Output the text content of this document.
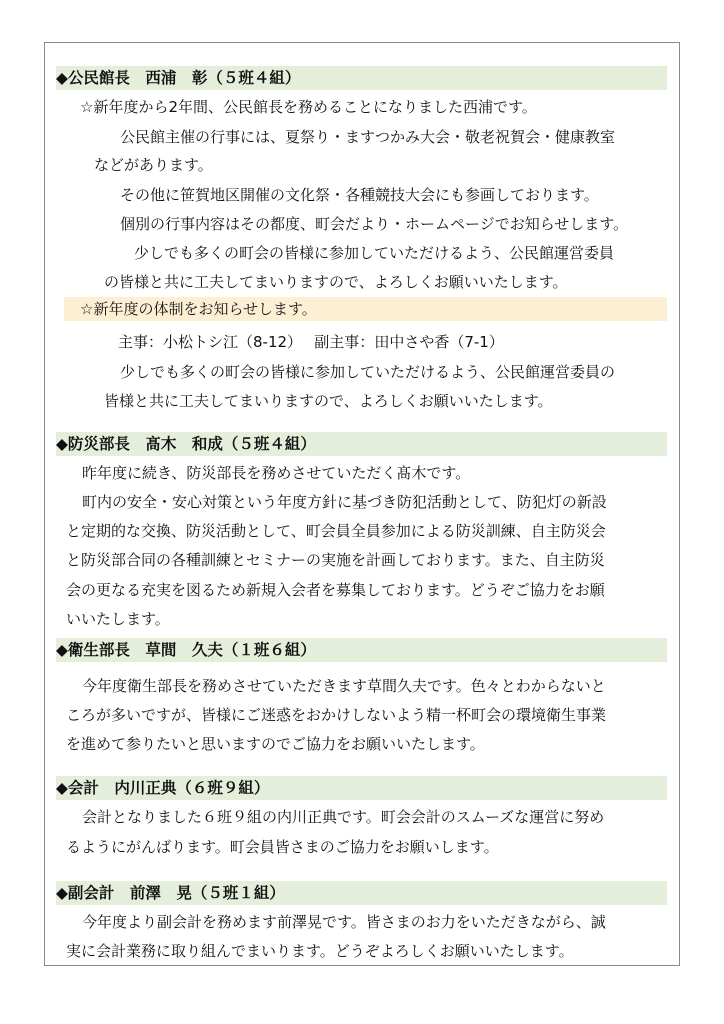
◆公民館長　西浦　彰（５班４組）
☆新年度から2年間、公民館長を務めることになりました西浦です。
公民館主催の行事には、夏祭り・ますつかみ大会・敬老祝賀会・健康教室
などがあります。
その他に笹賀地区開催の文化祭・各種競技大会にも参画しております。
個別の行事内容はその都度、町会だより・ホームページでお知らせします。
少しでも多くの町会の皆様に参加していただけるよう、公民館運営委員
の皆様と共に工夫してまいりますので、よろしくお願いいたします。
☆新年度の体制をお知らせします。
主事：小松トシ江（8-12）　 副主事：田中さや香（7-1）
少しでも多くの町会の皆様に参加していただけるよう、公民館運営委員の
皆様と共に工夫してまいりますので、よろしくお願いいたします。
◆防災部長　髙木　和成（５班４組）
昨年度に続き、防災部長を務めさせていただく髙木です。
町内の安全・安心対策という年度方針に基づき防犯活動として、防犯灯の新設
と定期的な交換、防災活動として、町会員全員参加による防災訓練、自主防災会
と防災部合同の各種訓練とセミナーの実施を計画しております。また、自主防災
会の更なる充実を図るため新規入会者を募集しております。どうぞご協力をお願
いいたします。
◆衛生部長　草間　久夫（１班６組）
今年度衛生部長を務めさせていただきます草間久夫です。色々とわからないと
ころが多いですが、皆様にご迷惑をおかけしないよう精一杯町会の環境衛生事業
を進めて参りたいと思いますのでご協力をお願いいたします。
◆会計　内川正典（６班９組）
会計となりました６班９組の内川正典です。町会会計のスムーズな運営に努め
るようにがんばります。町会員皆さまのご協力をお願いします。
◆副会計　前澤　晃（５班１組）
今年度より副会計を務めます前澤晃です。皆さまのお力をいただきながら、誠
実に会計業務に取り組んでまいります。どうぞよろしくお願いいたします。
